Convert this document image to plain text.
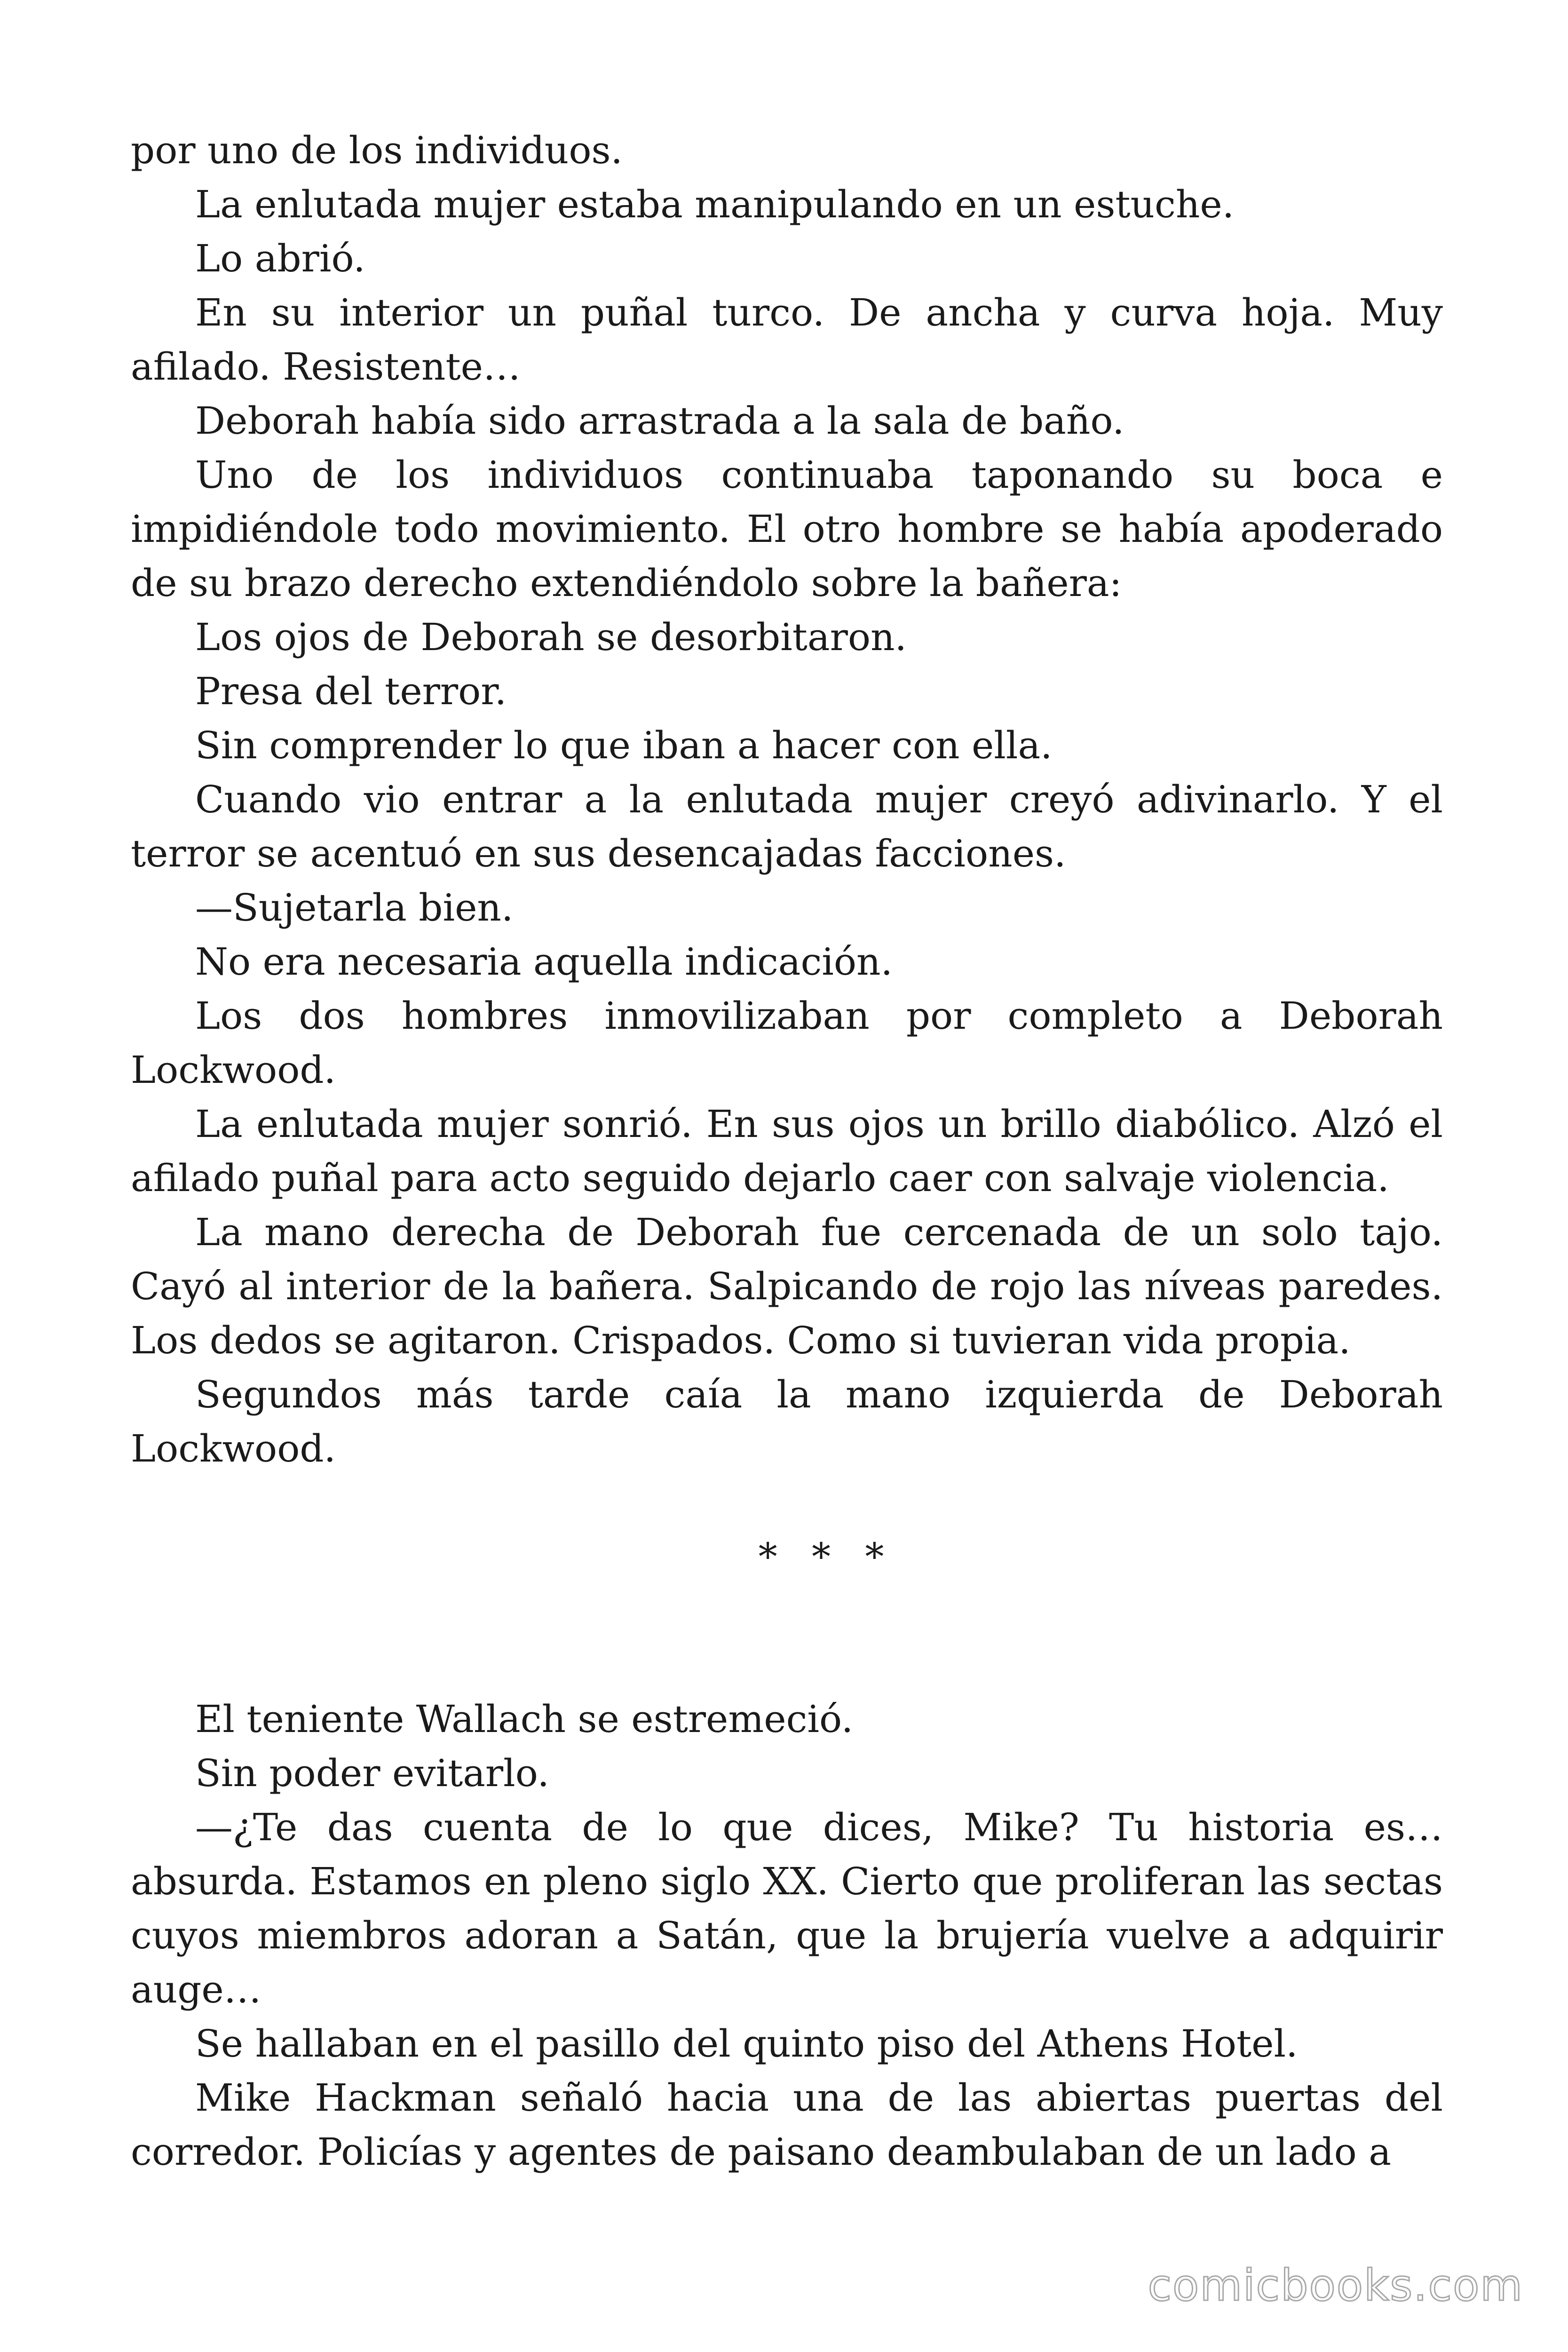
por uno de los individuos.

La enlutada mujer estaba manipulando en un estuche.

Lo abrió.

En su interior un puñal turco. De ancha y curva hoja. Muy afilado. Resistente…

Deborah había sido arrastrada a la sala de baño.

Uno de los individuos continuaba taponando su boca e impidiéndole todo movimiento. El otro hombre se había apoderado de su brazo derecho extendiéndolo sobre la bañera:

Los ojos de Deborah se desorbitaron.

Presa del terror.

Sin comprender lo que iban a hacer con ella.

Cuando vio entrar a la enlutada mujer creyó adivinarlo. Y el terror se acentuó en sus desencajadas facciones.

—Sujetarla bien.

No era necesaria aquella indicación.

Los dos hombres inmovilizaban por completo a Deborah Lockwood.

La enlutada mujer sonrió. En sus ojos un brillo diabólico. Alzó el afilado puñal para acto seguido dejarlo caer con salvaje violencia.

La mano derecha de Deborah fue cercenada de un solo tajo. Cayó al interior de la bañera. Salpicando de rojo las níveas paredes. Los dedos se agitaron. Crispados. Como si tuvieran vida propia.

Segundos más tarde caía la mano izquierda de Deborah Lockwood.

* * *

El teniente Wallach se estremeció.

Sin poder evitarlo.

—¿Te das cuenta de lo que dices, Mike? Tu historia es… absurda. Estamos en pleno siglo XX. Cierto que proliferan las sectas cuyos miembros adoran a Satán, que la brujería vuelve a adquirir auge…

Se hallaban en el pasillo del quinto piso del Athens Hotel.

Mike Hackman señaló hacia una de las abiertas puertas del corredor. Policías y agentes de paisano deambulaban de un lado a

comicbooks.com
